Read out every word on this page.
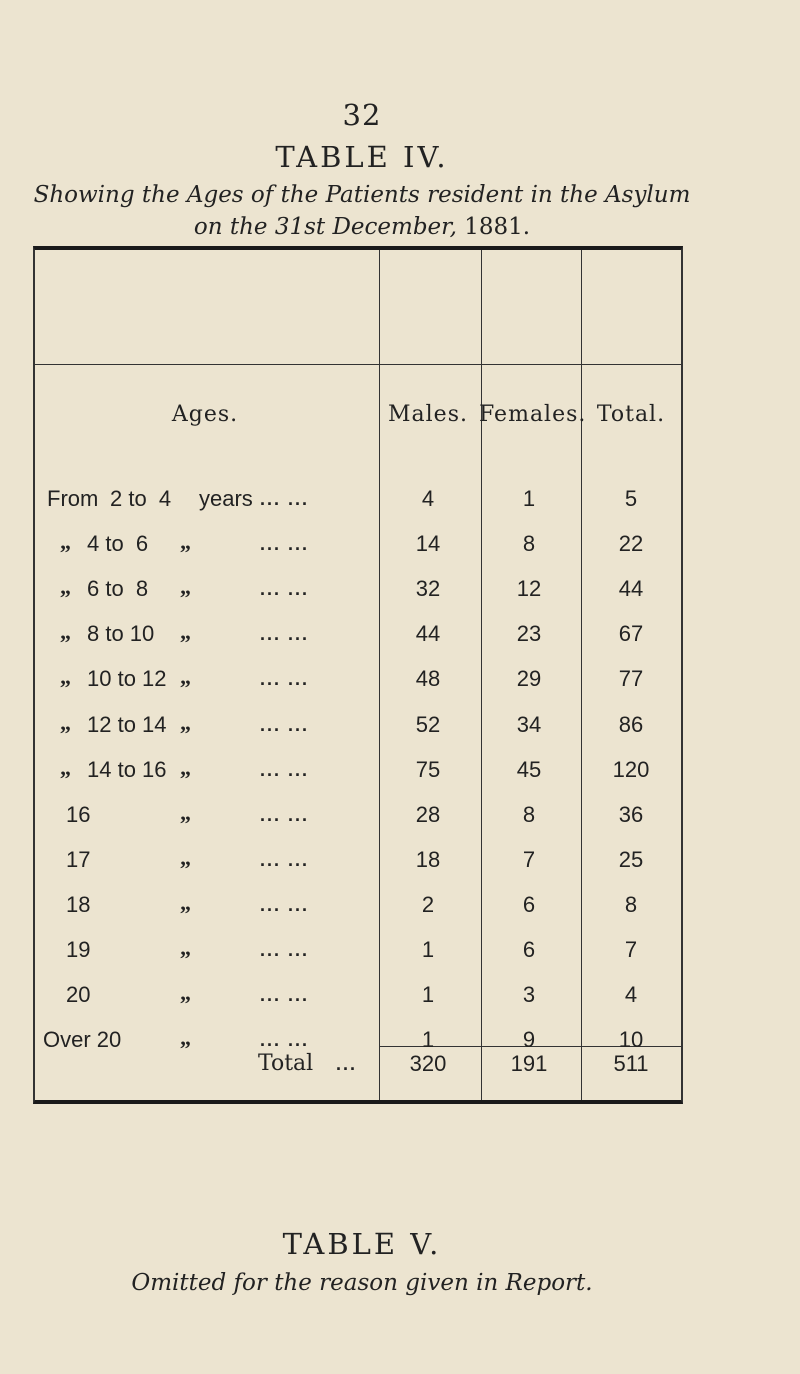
32
TABLE IV.
Showing the Ages of the Patients resident in the Asylum
on the 31st December, 1881.
Ages.	Males. Females. Total.
From 2 to  4 years ... ...	4	1	5
„ 4 to  6 „	... ...	14	8	22
„ 6 to  8 „	... ...	32	12	44
„ 8 to 10 „	... ...	44	23	67
„ 10 to 12 „	... ...	48	29	77
„ 12 to 14 „	... ...	52	34	86
„ 14 to 16 „	... ...	75	45	120
16	„	... ...	28	8	36
17	„	... ...	18	7	25
18	„	... ...	2	6	8
19	„	... ...	1	6	7
20	„	... ...	1	3	4
Over 20	„	... ...	1	9	10
Total ...	320	191	511
TABLE V.
Omitted for the reason given in Report.
